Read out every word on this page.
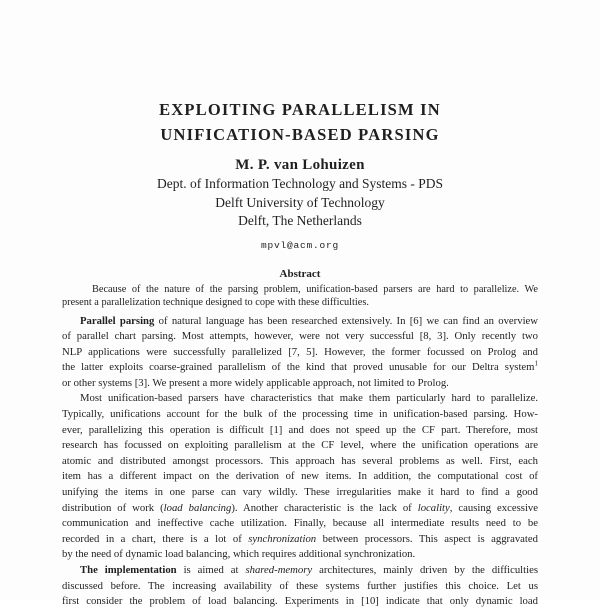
EXPLOITING PARALLELISM IN
UNIFICATION-BASED PARSING
M. P. van Lohuizen
Dept. of Information Technology and Systems - PDS
Delft University of Technology
Delft, The Netherlands
mpvl@acm.org
Abstract
Because of the nature of the parsing problem, unification-based parsers are hard to parallelize. We
present a parallelization technique designed to cope with these difficulties.
Parallel parsing of natural language has been researched extensively. In [6] we can find an overview
of parallel chart parsing. Most attempts, however, were not very successful [8, 3]. Only recently two
NLP applications were successfully parallelized [7, 5]. However, the former focussed on Prolog and
the latter exploits coarse-grained parallelism of the kind that proved unusable for our Deltra system$^1$
or other systems [3]. We present a more widely applicable approach, not limited to Prolog.
Most unification-based parsers have characteristics that make them particularly hard to parallelize.
Typically, unifications account for the bulk of the processing time in unification-based parsing. How-
ever, parallelizing this operation is difficult [1] and does not speed up the CF part. Therefore, most
research has focussed on exploiting parallelism at the CF level, where the unification operations are
atomic and distributed amongst processors. This approach has several problems as well. First, each
item has a different impact on the derivation of new items. In addition, the computational cost of
unifying the items in one parse can vary wildly. These irregularities make it hard to find a good
distribution of work (load balancing). Another characteristic is the lack of locality, causing excessive
communication and ineffective cache utilization. Finally, because all intermediate results need to be
recorded in a chart, there is a lot of synchronization between processors. This aspect is aggravated
by the need of dynamic load balancing, which requires additional synchronization.
The implementation is aimed at shared-memory architectures, mainly driven by the difficulties
discussed before. The increasing availability of these systems further justifies this choice. Let us
first consider the problem of load balancing. Experiments in [10] indicate that only dynamic load
